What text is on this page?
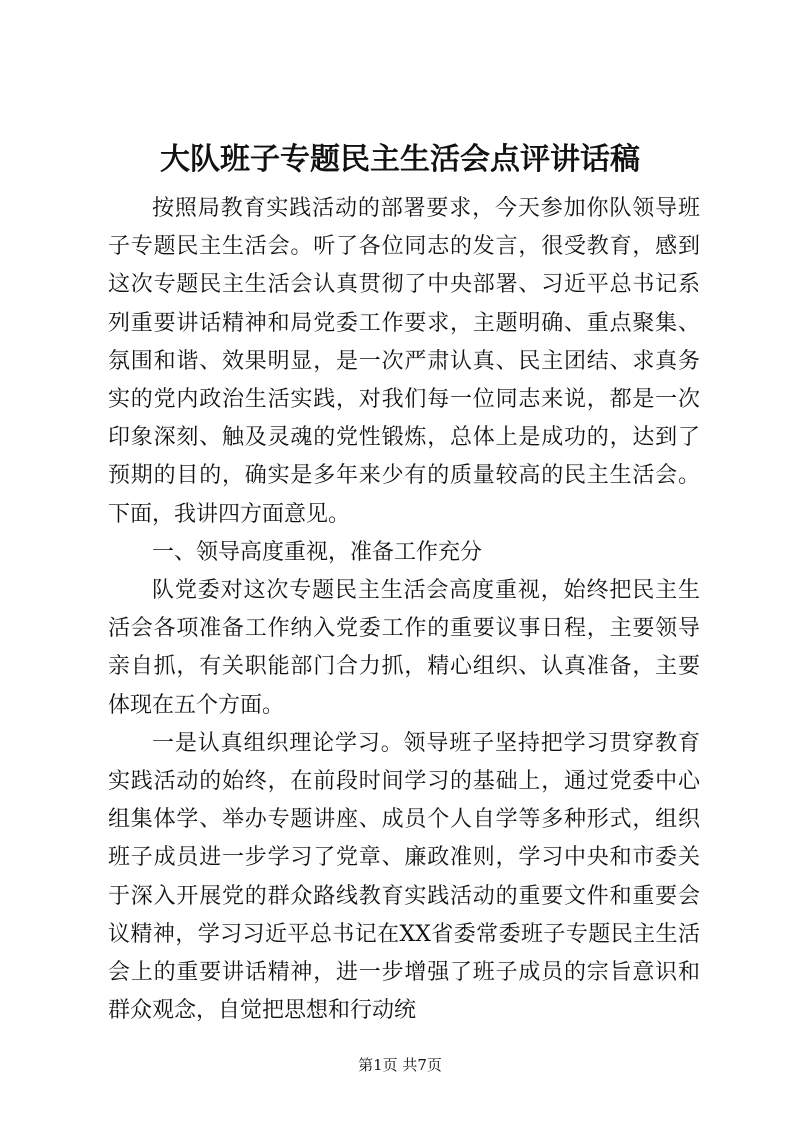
大队班子专题民主生活会点评讲话稿

按照局教育实践活动的部署要求，今天参加你队领导班子专题民主生活会。听了各位同志的发言，很受教育，感到这次专题民主生活会认真贯彻了中央部署、习近平总书记系列重要讲话精神和局党委工作要求，主题明确、重点聚集、氛围和谐、效果明显，是一次严肃认真、民主团结、求真务实的党内政治生活实践，对我们每一位同志来说，都是一次印象深刻、触及灵魂的党性锻炼，总体上是成功的，达到了预期的目的，确实是多年来少有的质量较高的民主生活会。下面，我讲四方面意见。

一、领导高度重视，准备工作充分

队党委对这次专题民主生活会高度重视，始终把民主生活会各项准备工作纳入党委工作的重要议事日程，主要领导亲自抓，有关职能部门合力抓，精心组织、认真准备，主要体现在五个方面。

一是认真组织理论学习。领导班子坚持把学习贯穿教育实践活动的始终，在前段时间学习的基础上，通过党委中心组集体学、举办专题讲座、成员个人自学等多种形式，组织班子成员进一步学习了党章、廉政准则，学习中央和市委关于深入开展党的群众路线教育实践活动的重要文件和重要会议精神，学习习近平总书记在XX省委常委班子专题民主生活会上的重要讲话精神，进一步增强了班子成员的宗旨意识和群众观念，自觉把思想和行动统

第1页 共7页
